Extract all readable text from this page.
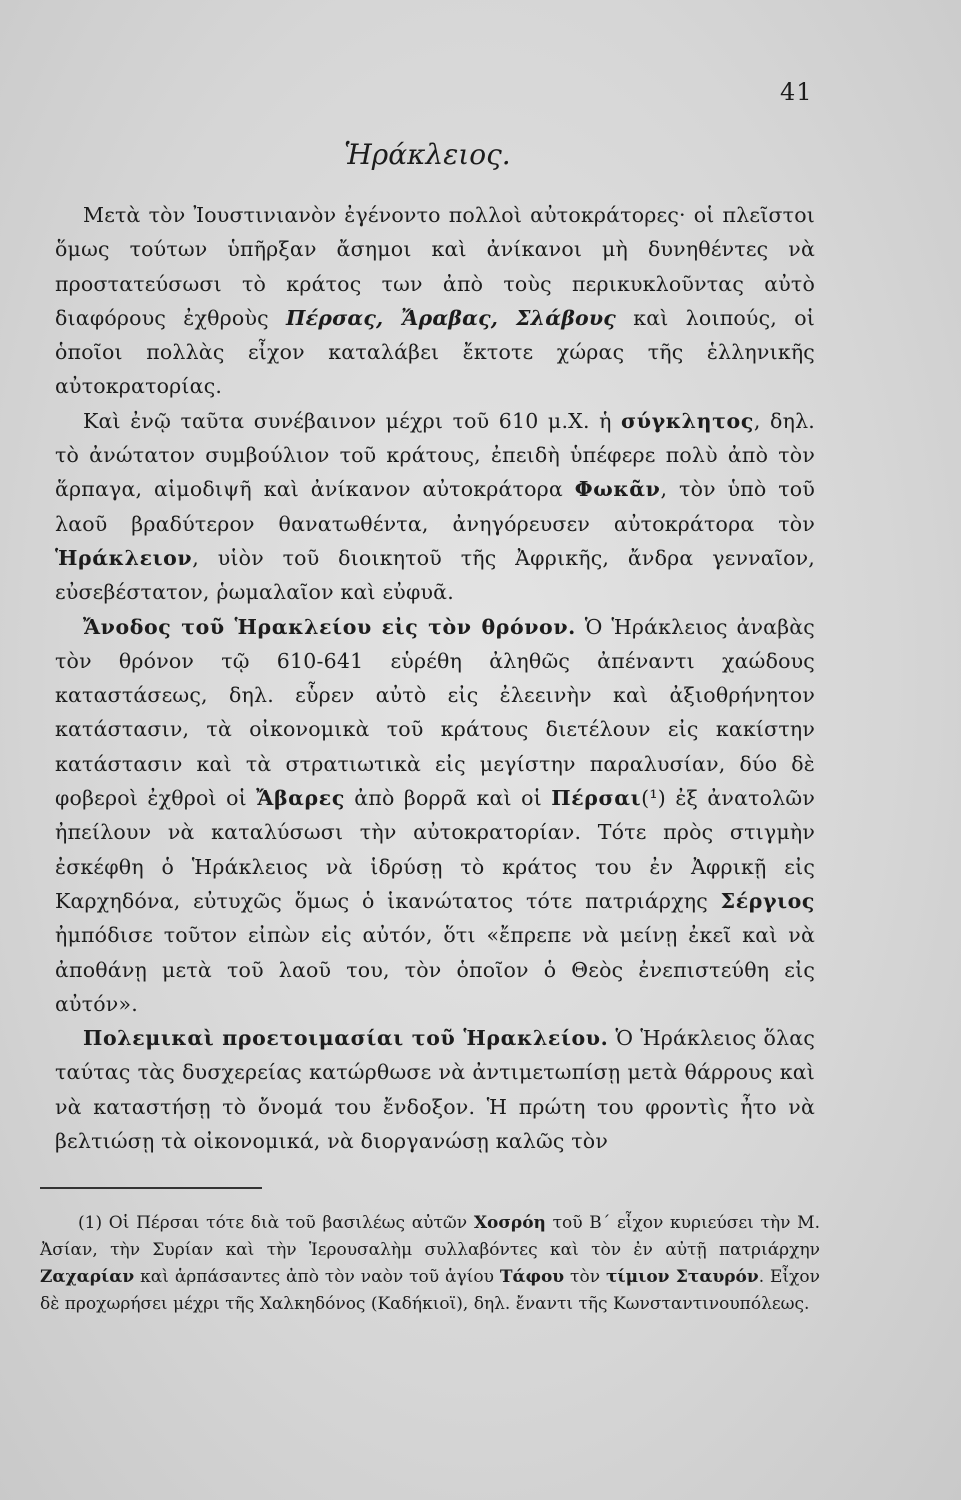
41
Ἡράκλειος.

Μετὰ τὸν Ἰουστινιανὸν ἐγένοντο πολλοὶ αὐτοκράτορες· οἱ πλεῖστοι ὅμως τούτων ὑπῆρξαν ἄσημοι καὶ ἀνίκανοι μὴ δυνηθέντες νὰ προστατεύσωσι τὸ κράτος των ἀπὸ τοὺς περικυκλοῦντας αὐτὸ διαφόρους ἐχθροὺς Πέρσας, Ἄραβας, Σλάβους καὶ λοιπούς, οἱ ὁποῖοι πολλὰς εἶχον καταλάβει ἔκτοτε χώρας τῆς ἑλληνικῆς αὐτοκρατορίας.

Καὶ ἐνῷ ταῦτα συνέβαινον μέχρι τοῦ 610 μ.Χ. ἡ σύγκλητος, δηλ. τὸ ἀνώτατον συμβούλιον τοῦ κράτους, ἐπειδὴ ὑπέφερε πολὺ ἀπὸ τὸν ἅρπαγα, αἱμοδιψῆ καὶ ἀνίκανον αὐτοκράτορα Φωκᾶν, τὸν ὑπὸ τοῦ λαοῦ βραδύτερον θανατωθέντα, ἀνηγόρευσεν αὐτοκράτορα τὸν Ἡράκλειον, υἱὸν τοῦ διοικητοῦ τῆς Ἀφρικῆς, ἄνδρα γενναῖον, εὐσεβέστατον, ῥωμαλαῖον καὶ εὐφυᾶ.

Ἄνοδος τοῦ Ἡρακλείου εἰς τὸν θρόνον. Ὁ Ἡράκλειος ἀναβὰς τὸν θρόνον τῷ 610-641 εὑρέθη ἀληθῶς ἀπέναντι χαώδους καταστάσεως, δηλ. εὗρεν αὐτὸ εἰς ἐλεεινὴν καὶ ἀξιοθρήνητον κατάστασιν, τὰ οἰκονομικὰ τοῦ κράτους διετέλουν εἰς κακίστην κατάστασιν καὶ τὰ στρατιωτικὰ εἰς μεγίστην παραλυσίαν, δύο δὲ φοβεροὶ ἐχθροὶ οἱ Ἄβαρες ἀπὸ βορρᾶ καὶ οἱ Πέρσαι(¹) ἐξ ἀνατολῶν ἠπείλουν νὰ καταλύσωσι τὴν αὐτοκρατορίαν. Τότε πρὸς στιγμὴν ἐσκέφθη ὁ Ἡράκλειος νὰ ἱδρύσῃ τὸ κράτος του ἐν Ἀφρικῇ εἰς Καρχηδόνα, εὐτυχῶς ὅμως ὁ ἱκανώτατος τότε πατριάρχης Σέργιος ἠμπόδισε τοῦτον εἰπὼν εἰς αὐτόν, ὅτι «ἔπρεπε νὰ μείνῃ ἐκεῖ καὶ νὰ ἀποθάνῃ μετὰ τοῦ λαοῦ του, τὸν ὁποῖον ὁ Θεὸς ἐνεπιστεύθη εἰς αὐτόν».

Πολεμικαὶ προετοιμασίαι τοῦ Ἡρακλείου. Ὁ Ἡράκλειος ὅλας ταύτας τὰς δυσχερείας κατώρθωσε νὰ ἀντιμετωπίσῃ μετὰ θάρρους καὶ νὰ καταστήσῃ τὸ ὄνομά του ἔνδοξον. Ἡ πρώτη του φροντὶς ἦτο νὰ βελτιώσῃ τὰ οἰκονομικά, νὰ διοργανώσῃ καλῶς τὸν

(1) Οἱ Πέρσαι τότε διὰ τοῦ βασιλέως αὐτῶν Χοσρόη τοῦ Β΄ εἶχον κυριεύσει τὴν Μ. Ἀσίαν, τὴν Συρίαν καὶ τὴν Ἱερουσαλὴμ συλλαβόντες καὶ τὸν ἐν αὐτῇ πατριάρχην Ζαχαρίαν καὶ ἁρπάσαντες ἀπὸ τὸν ναὸν τοῦ ἁγίου Τάφου τὸν τίμιον Σταυρόν. Εἶχον δὲ προχωρήσει μέχρι τῆς Χαλκηδόνος (Καδήκιοϊ), δηλ. ἔναντι τῆς Κωνσταντινουπόλεως.
